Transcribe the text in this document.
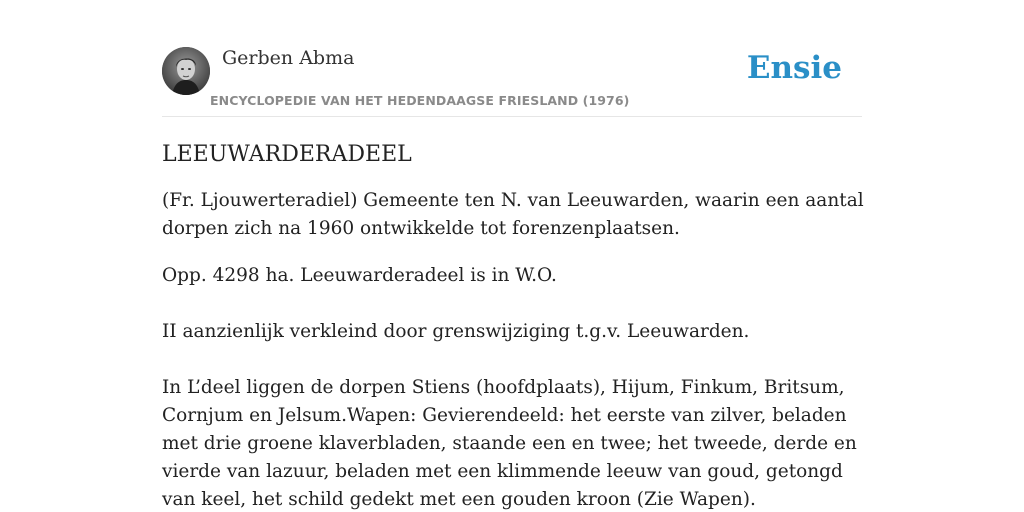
Gerben Abma
ENCYCLOPEDIE VAN HET HEDENDAAGSE FRIESLAND (1976)
Ensie
LEEUWARDERADEEL

(Fr. Ljouwerteradiel) Gemeente ten N. van Leeuwarden, waarin een aantal dorpen zich na 1960 ontwikkelde tot forenzenplaatsen.

Opp. 4298 ha. Leeuwarderadeel is in W.O.

II aanzienlijk verkleind door grenswijziging t.g.v. Leeuwarden.

In L’deel liggen de dorpen Stiens (hoofdplaats), Hijum, Finkum, Britsum, Cornjum en Jelsum.Wapen: Gevierendeeld: het eerste van zilver, beladen met drie groene klaverbladen, staande een en twee; het tweede, derde en vierde van lazuur, beladen met een klimmende leeuw van goud, getongd van keel, het schild gedekt met een gouden kroon (Zie Wapen).
